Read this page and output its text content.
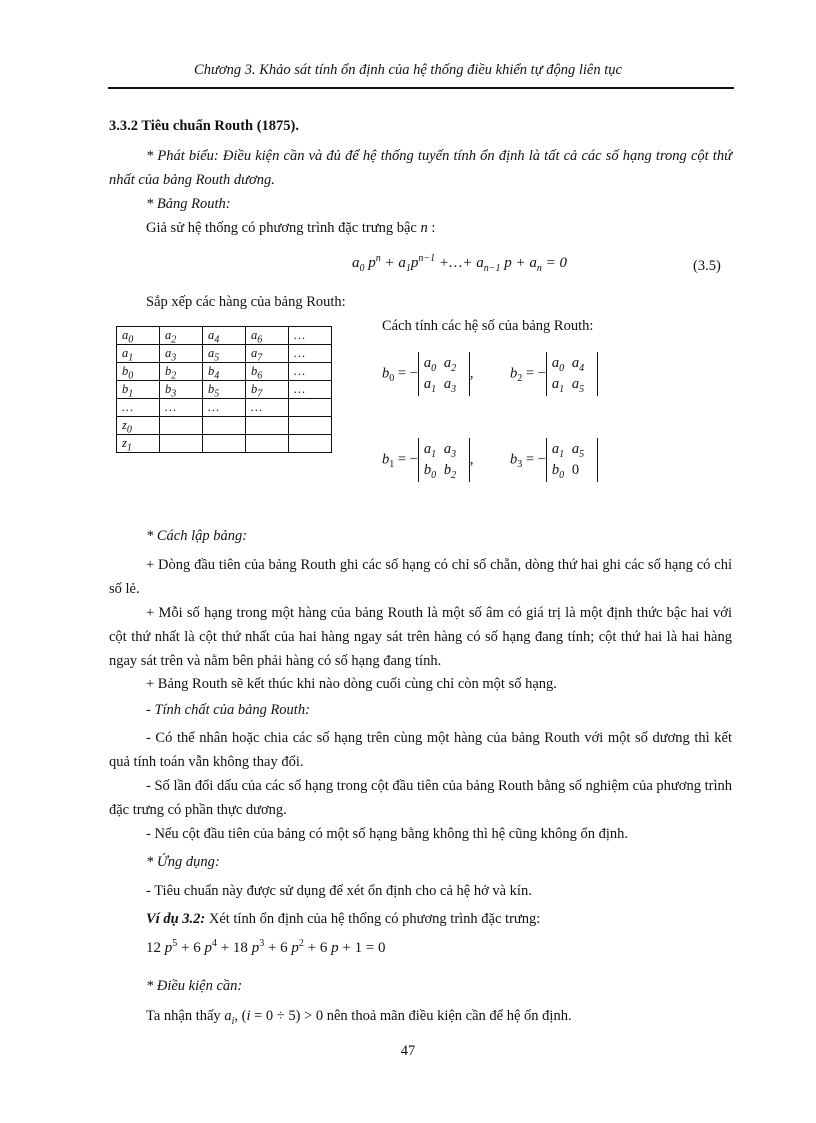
Chương 3. Khảo sát tính ổn định của hệ thống điều khiển tự động liên tục
3.3.2 Tiêu chuẩn Routh (1875).
* Phát biểu: Điều kiện cần và đủ để hệ thống tuyến tính ổn định là tất cả các số hạng trong cột thứ nhất của bảng Routh dương.
* Bảng Routh:
Giả sử hệ thống có phương trình đặc trưng bậc n :
$a_0$ $p^n + a_1p^{n-1}$ +…+ $a_{n-1}$ $p + a_n = 0$	(3.5)
Sắp xếp các hàng của bảng Routh:
$a_0$	$a_2$	$a_4$	$a_6$	…
$a_1$	$a_3$	$a_5$	$a_7$	…
$b_0$	$b_2$	$b_4$	$b_6$	…
$b_1$	$b_3$	$b_5$	$b_7$	…
…	…	…	…	
$z_0$				
$z_1$				
Cách tính các hệ số của bảng Routh:
$b_0 = -a_0$ $a_2$
$a_1$ $a_3$,	$b_2 = -a_0$ $a_4$
$a_1$ $a_5$
$b_1 = -a_1$ $a_3$
$b_0$ $b_2$,	$b_3 = -a_1$ $a_5$
$b_0$ 0
* Cách lập bảng:
+ Dòng đầu tiên của bảng Routh ghi các số hạng có chỉ số chẵn, dòng thứ hai ghi các số hạng có chỉ số lẻ.
+ Mỗi số hạng trong một hàng của bảng Routh là một số âm có giá trị là một định thức bậc hai với cột thứ nhất là cột thứ nhất của hai hàng ngay sát trên hàng có số hạng đang tính; cột thứ hai là hai hàng ngay sát trên và nằm bên phải hàng có số hạng đang tính.
+ Bảng Routh sẽ kết thúc khi nào dòng cuối cùng chỉ còn một số hạng.
- Tính chất của bảng Routh:
- Có thể nhân hoặc chia các số hạng trên cùng một hàng của bảng Routh với một số dương thì kết quả tính toán vẫn không thay đổi.
- Số lần đổi dấu của các số hạng trong cột đầu tiên của bảng Routh bằng số nghiệm của phương trình đặc trưng có phần thực dương.
- Nếu cột đầu tiên của bảng có một số hạng bằng không thì hệ cũng không ổn định.
* Ứng dụng:
- Tiêu chuẩn này được sử dụng để xét ổn định cho cả hệ hở và kín.
Ví dụ 3.2: Xét tính ổn định của hệ thống có phương trình đặc trưng:
12 $p^5 + 6$ $p^4 + 18$ $p^3 + 6$ $p^2 + 6$ p + 1 = 0
* Điều kiện cần:
Ta nhận thấy $a_i$, (i = 0 ÷ 5) > 0 nên thoả mãn điều kiện cần để hệ ổn định.
47
